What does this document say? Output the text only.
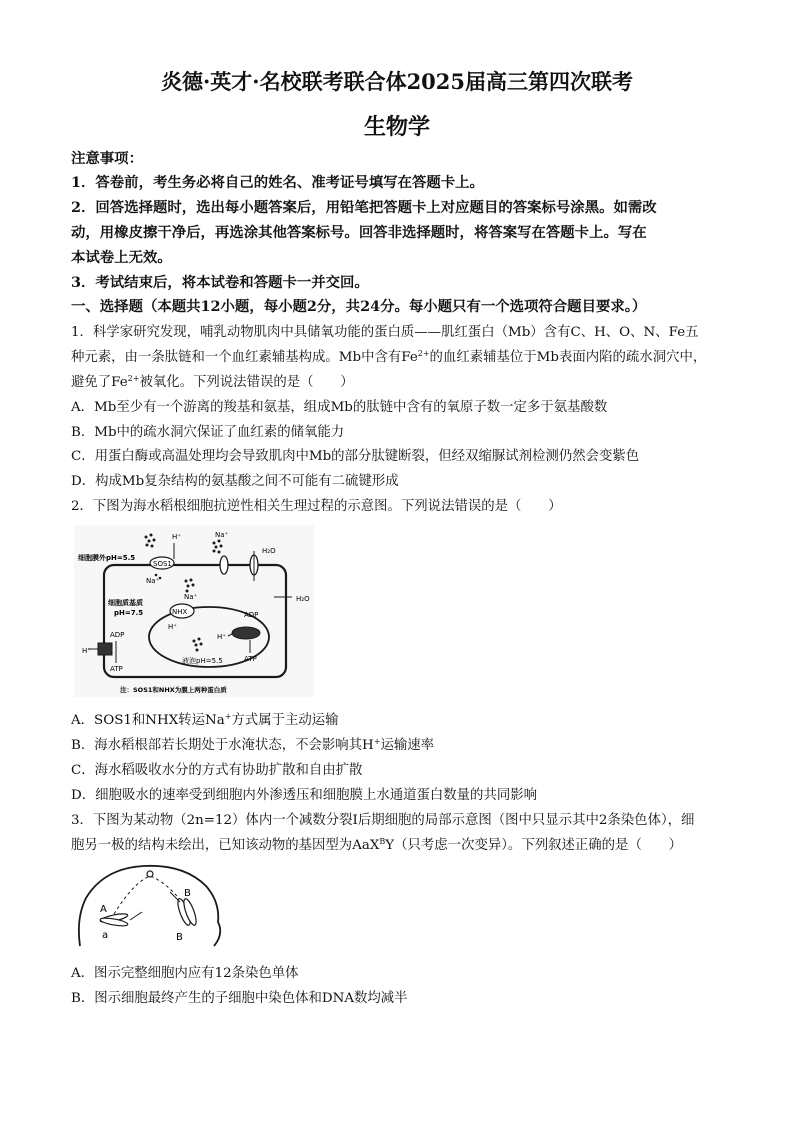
炎德·英才·名校联考联合体2025届高三第四次联考
生物学
注意事项：
1．答卷前，考生务必将自己的姓名、准考证号填写在答题卡上。
2．回答选择题时，选出每小题答案后，用铅笔把答题卡上对应题目的答案标号涂黑。如需改
动，用橡皮擦干净后，再选涂其他答案标号。回答非选择题时，将答案写在答题卡上。写在
本试卷上无效。
3．考试结束后，将本试卷和答题卡一并交回。
一、选择题（本题共12小题，每小题2分，共24分。每小题只有一个选项符合题目要求。）
1．科学家研究发现，哺乳动物肌肉中具储氧功能的蛋白质——肌红蛋白（Mb）含有C、H、O、N、Fe五
种元素，由一条肽链和一个血红素辅基构成。Mb中含有$Fe^{2+}$的血红素辅基位于Mb表面内陷的疏水洞穴中，
避免了$Fe^{2+}$被氧化。下列说法错误的是（　　）
A．Mb至少有一个游离的羧基和氨基，组成Mb的肽链中含有的氧原子数一定多于氨基酸数
B．Mb中的疏水洞穴保证了血红素的储氧能力
C．用蛋白酶或高温处理均会导致肌肉中Mb的部分肽键断裂，但经双缩脲试剂检测仍然会变紫色
D．构成Mb复杂结构的氨基酸之间不可能有二硫键形成
2．下图为海水稻根细胞抗逆性相关生理过程的示意图。下列说法错误的是（　　）
细胞膜外pH=5.5
SOS1
H⁺	Na⁺
Na⁺
Na⁺
H₂O
H₂O
NHX
H⁺
细胞质基质
pH=7.5
H⁺
ADP
ATP
液泡pH=5.5
H⁺
ADP
ATP
注：SOS1和NHX为膜上两种蛋白质
A．SOS1和NHX转运Na+方式属于主动运输
B．海水稻根部若长期处于水淹状态，不会影响其H+运输速率
C．海水稻吸收水分的方式有协助扩散和自由扩散
D．细胞吸水的速率受到细胞内外渗透压和细胞膜上水通道蛋白数量的共同影响
3．下图为某动物（2n=12）体内一个减数分裂Ⅰ后期细胞的局部示意图（图中只显示其中2条染色体），细
胞另一极的结构未绘出，已知该动物的基因型为AaX$^B$Y（只考虑一次变异）。下列叙述正确的是（　　）
A
a
B
B
A．图示完整细胞内应有12条染色单体
B．图示细胞最终产生的子细胞中染色体和DNA数均减半
